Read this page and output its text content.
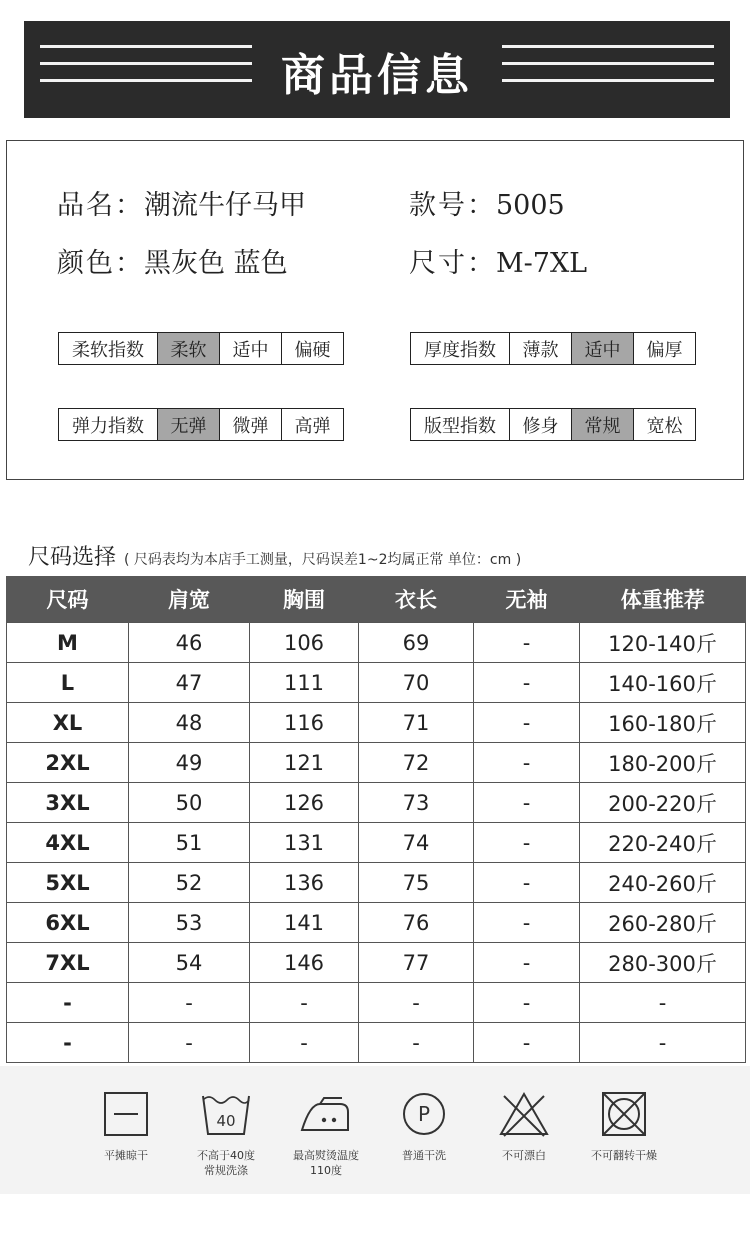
商品信息
品名：潮流牛仔马甲	款号：5005
颜色：黑灰色 蓝色	尺寸：M-7XL
柔软指数	柔软	适中	偏硬	厚度指数	薄款	适中	偏厚
弹力指数	无弹	微弹	高弹	版型指数	修身	常规	宽松
尺码选择 ( 尺码表均为本店手工测量，尺码误差1~2均属正常 单位：cm )
尺码	肩宽	胸围	衣长	无袖	体重推荐
M	46	106	69	-	120-140斤
L	47	111	70	-	140-160斤
XL	48	116	71	-	160-180斤
2XL	49	121	72	-	180-200斤
3XL	50	126	73	-	200-220斤
4XL	51	131	74	-	220-240斤
5XL	52	136	75	-	240-260斤
6XL	53	141	76	-	260-280斤
7XL	54	146	77	-	280-300斤
-	-	-	-	-	-
-	-	-	-	-	-
平摊晾干
40
不高于40度
常规洗涤
最高熨烫温度
110度
P
普通干洗	不可漂白	不可翻转干燥
